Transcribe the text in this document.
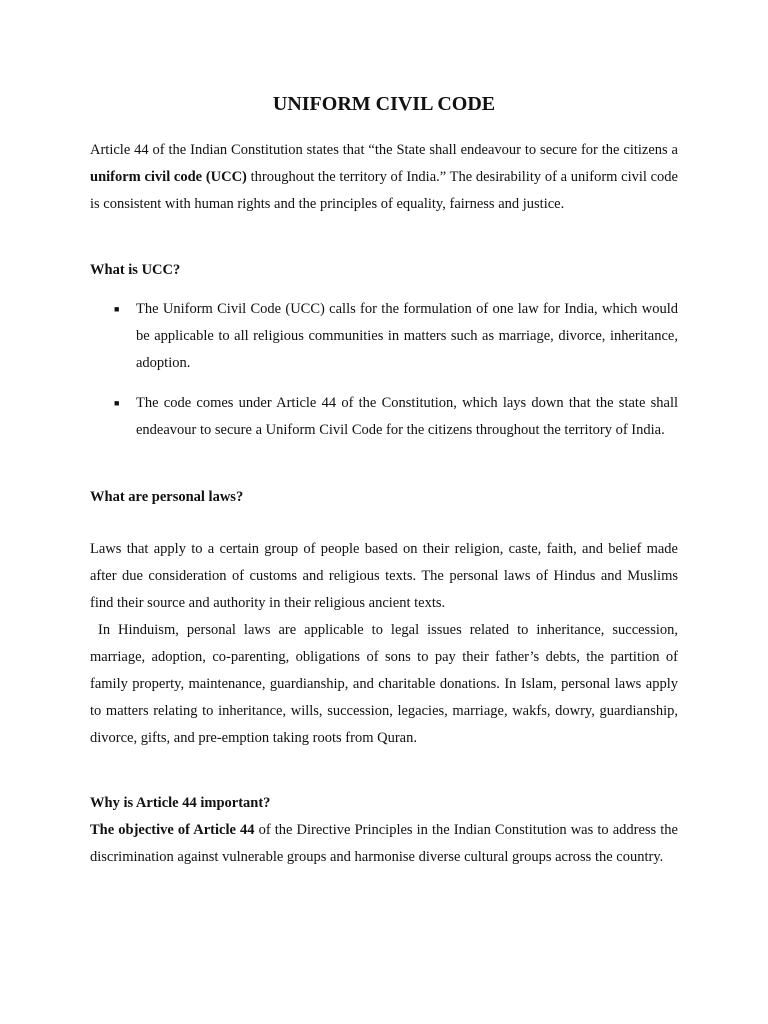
UNIFORM CIVIL CODE

Article 44 of the Indian Constitution states that “the State shall endeavour to secure for the citizens a uniform civil code (UCC) throughout the territory of India.” The desirability of a uniform civil code is consistent with human rights and the principles of equality, fairness and justice.

What is UCC?

■ The Uniform Civil Code (UCC) calls for the formulation of one law for India, which would be applicable to all religious communities in matters such as marriage, divorce, inheritance, adoption.
■ The code comes under Article 44 of the Constitution, which lays down that the state shall endeavour to secure a Uniform Civil Code for the citizens throughout the territory of India.

What are personal laws?

Laws that apply to a certain group of people based on their religion, caste, faith, and belief made after due consideration of customs and religious texts. The personal laws of Hindus and Muslims find their source and authority in their religious ancient texts.

In Hinduism, personal laws are applicable to legal issues related to inheritance, succession, marriage, adoption, co-parenting, obligations of sons to pay their father’s debts, the partition of family property, maintenance, guardianship, and charitable donations. In Islam, personal laws apply to matters relating to inheritance, wills, succession, legacies, marriage, wakfs, dowry, guardianship, divorce, gifts, and pre-emption taking roots from Quran.

Why is Article 44 important?

The objective of Article 44 of the Directive Principles in the Indian Constitution was to address the discrimination against vulnerable groups and harmonise diverse cultural groups across the country.
